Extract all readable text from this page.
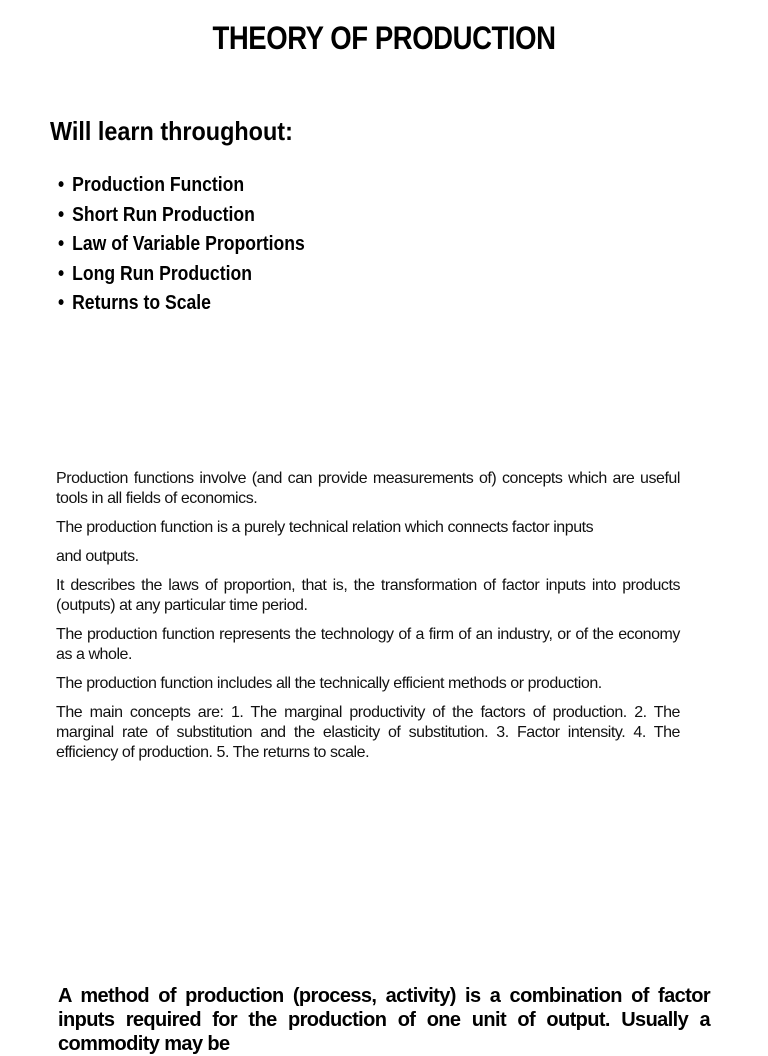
THEORY OF PRODUCTION
Will learn throughout:
• Production Function
• Short Run Production
• Law of Variable Proportions
• Long Run Production
• Returns to Scale

Production functions involve (and can provide measurements of) concepts which are useful tools in all fields of economics.

The production function is a purely technical relation which connects factor inputs

and outputs.

It describes the laws of proportion, that is, the transformation of factor inputs into products (outputs) at any particular time period.

The production function represents the technology of a firm of an industry, or of the economy as a whole.

The production function includes all the technically efficient methods or production.

The main concepts are: 1. The marginal productivity of the factors of production. 2. The marginal rate of substitution and the elasticity of substitution. 3. Factor intensity. 4. The efficiency of production. 5. The returns to scale.

A method of production (process, activity) is a combination of factor inputs required for the production of one unit of output. Usually a commodity may be
